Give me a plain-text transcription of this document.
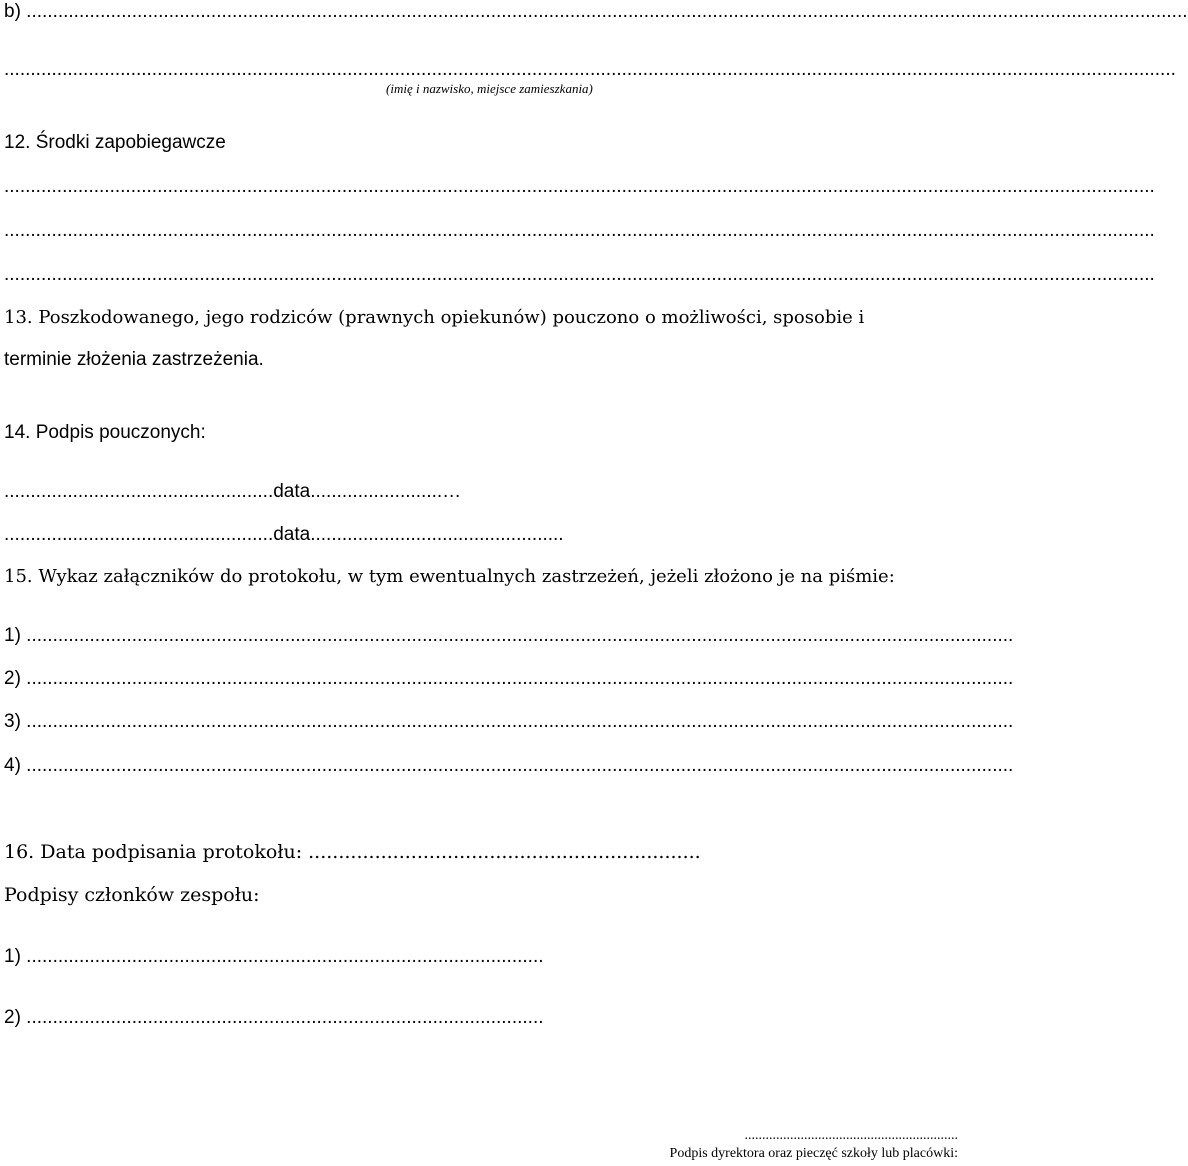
b) ............................................................................................................................................................................................................................
..............................................................................................................................................................................................................................
(imię i nazwisko, miejsce zamieszkania)
12. Środki zapobiegawcze
..........................................................................................................................................................................................................................
..........................................................................................................................................................................................................................
..........................................................................................................................................................................................................................
13. Poszkodowanego, jego rodziców (prawnych opiekunów) pouczono o możliwości, sposobie i
terminie złożenia zastrzeżenia.
14. Podpis pouczonych:
...................................................data.........................…
...................................................data................................................
15. Wykaz załączników do protokołu, w tym ewentualnych zastrzeżeń, jeżeli złożono je na piśmie:
1) ...........................................................................................................................................................................................
2) ...........................................................................................................................................................................................
3) ...........................................................................................................................................................................................
4) ...........................................................................................................................................................................................
16. Data podpisania protokołu: .................................................................
Podpisy członków zespołu:
1) ..................................................................................................
2) ..................................................................................................
.............................................................
Podpis dyrektora oraz pieczęć szkoły lub placówki:
